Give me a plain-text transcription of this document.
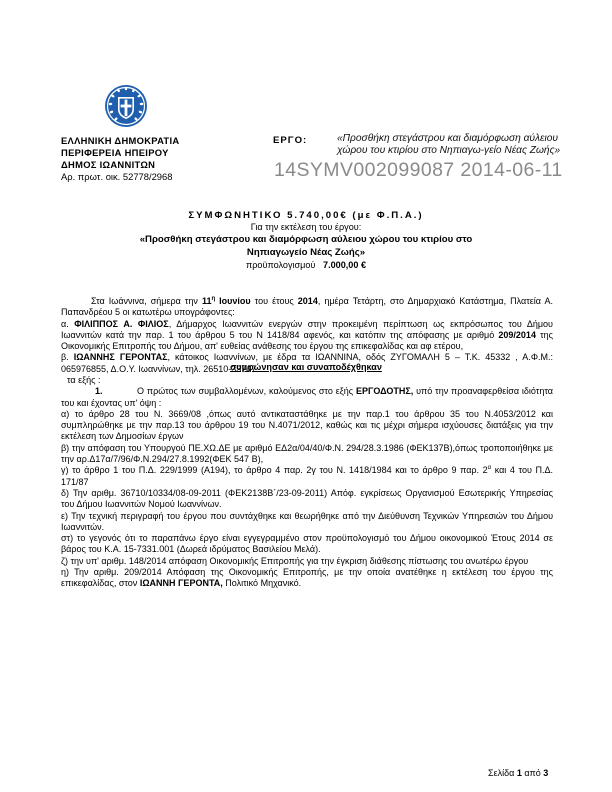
ΕΛΛΗΝΙΚΗ ΔΗΜΟΚΡΑΤΙΑ
ΠΕΡΙΦΕΡΕΙΑ ΗΠΕΙΡΟΥ
ΔΗΜΟΣ ΙΩΑΝΝΙΤΩΝ
Αρ. πρωτ. οικ. 52778/2968
ΕΡΓΟ:	«Προσθήκη στεγάστρου και διαμόρφωση αύλειου χώρου του κτιρίου στο Νηπιαγω-γείο Νέας Ζωής»
14SYMV002099087 2014-06-11
ΣΥΜΦΩΝΗΤΙΚΟ 5.740,00€ (με Φ.Π.Α.)
Για την εκτέλεση του έργου:
«Προσθήκη στεγάστρου και διαμόρφωση αύλειου χώρου του κτιρίου στο
Νηπιαγωγείο Νέας Ζωής»
προϋπολογισμού 7.000,00 €

Στα Ιωάννινα, σήμερα την $11^\eta$ Ιουνίου του έτους 2014, ημέρα Τετάρτη, στο Δημαρχιακό Κατάστημα, Πλατεία Α. Παπανδρέου 5 οι κατωτέρω υπογράφοντες:

α. ΦΙΛΙΠΠΟΣ Α. ΦΙΛΙΟΣ, Δήμαρχος Ιωαννιτών ενεργών στην προκειμένη περίπτωση ως εκπρόσωπος του Δήμου Ιωαννιτών κατά την παρ. 1 του άρθρου 5 του Ν 1418/84 αφενός, και κατόπιν της απόφασης με αριθμό 209/2014 της Οικονομικής Επιτροπής του Δήμου, απ' ευθείας ανάθεσης του έργου της επικεφαλίδας και αφ ετέρου,

β. ΙΩΑΝΝΗΣ ΓΕΡΟΝΤΑΣ, κάτοικος Ιωαννίνων, με έδρα τα ΙΩΑΝΝΙΝΑ, οδός ΖΥΓΟΜΑΛΗ 5 – Τ.Κ. 45332 , Α.Φ.Μ.: 065976855, Δ.Ο.Υ. Ιωαννίνων, τηλ. 26510-33747

συμφώνησαν και συναποδέχθηκαν

τα εξής :

1.	Ο πρώτος των συμβαλλομένων, καλούμενος στο εξής ΕΡΓΟΔΟΤΗΣ, υπό την προαναφερθείσα ιδιότητα του και έχοντας υπ' όψη :

α) το άρθρο 28 του Ν. 3669/08 ,όπως αυτό αντικαταστάθηκε με την παρ.1 του άρθρου 35 του Ν.4053/2012 και συμπληρώθηκε με την παρ.13 του άρθρου 19 του Ν.4071/2012, καθώς και τις μέχρι σήμερα ισχύουσες διατάξεις για την εκτέλεση των Δημοσίων έργων

β) την απόφαση του Υπουργού ΠΕ.ΧΩ.ΔΕ με αριθμό ΕΔ2α/04/40/Φ.Ν. 294/28.3.1986 (ΦΕΚ137Β),όπως τροποποιήθηκε με την αρ.Δ17α/7/96/Φ.Ν.294/27.8.1992(ΦΕΚ 547 Β),

γ) το άρθρο 1 του Π.Δ. 229/1999 (Α194), το άρθρο 4 παρ. 2γ του Ν. 1418/1984 και το άρθρο 9 παρ. $2^\alpha$ και 4 του Π.Δ. 171/87

δ) Την αριθμ. 36710/10334/08-09-2011 (ΦΕΚ2138Β΄/23-09-2011) Απόφ. εγκρίσεως Οργανισμού Εσωτερικής Υπηρεσίας του Δήμου Ιωαννιτών Νομού Ιωαννίνων.

ε) Την τεχνική περιγραφή του έργου που συντάχθηκε και θεωρήθηκε από την Διεύθυνση Τεχνικών Υπηρεσιών του Δήμου Ιωαννιτών.

στ) το γεγονός ότι το παραπάνω έργο είναι εγγεγραμμένο στον προϋπολογισμό του Δήμου οικονομικού Έτους 2014 σε βάρος του Κ.Α. 15-7331.001 (Δωρεά ιδρύματος Βασιλείου Μελά).

ζ) την υπ' αριθμ. 148/2014 απόφαση Οικονομικής Επιτροπής για την έγκριση διάθεσης πίστωσης του ανωτέρω έργου

η) Την αριθμ. 209/2014 Απόφαση της Οικονομικής Επιτροπής, με την οποία ανατέθηκε η εκτέλεση του έργου της επικεφαλίδας, στον ΙΩΑΝΝΗ ΓΕΡΟΝΤΑ, Πολιτικό Μηχανικό.

Σελίδα 1 από 3
